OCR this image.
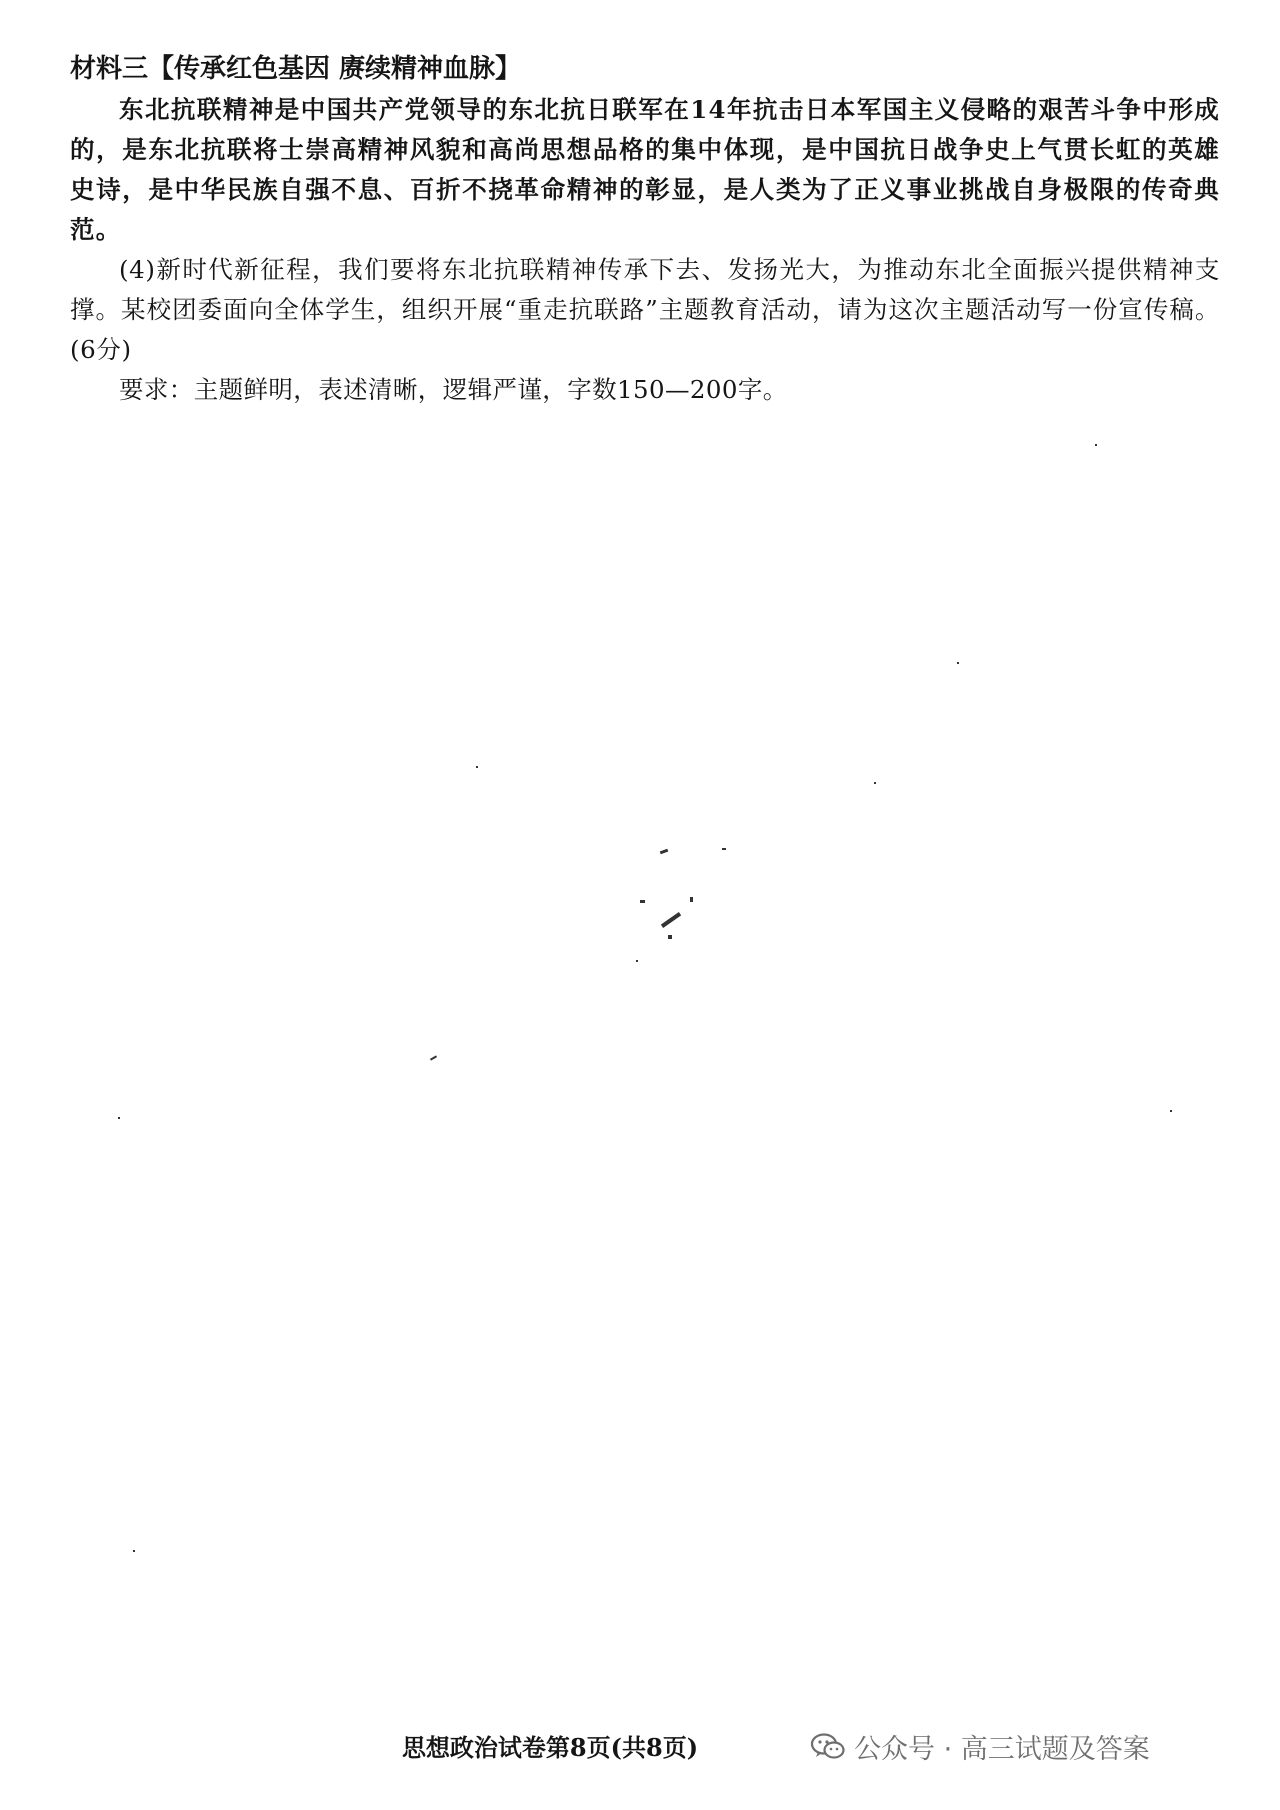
材料三【传承红色基因 赓续精神血脉】

东北抗联精神是中国共产党领导的东北抗日联军在14年抗击日本军国主义侵略的艰苦斗争中形成的，是东北抗联将士崇高精神风貌和高尚思想品格的集中体现，是中国抗日战争史上气贯长虹的英雄史诗，是中华民族自强不息、百折不挠革命精神的彰显，是人类为了正义事业挑战自身极限的传奇典范。

(4)新时代新征程，我们要将东北抗联精神传承下去、发扬光大，为推动东北全面振兴提供精神支撑。某校团委面向全体学生，组织开展“重走抗联路”主题教育活动，请为这次主题活动写一份宣传稿。(6分)

要求：主题鲜明，表述清晰，逻辑严谨，字数150—200字。

思想政治试卷第8页(共8页)	公众号 · 高三试题及答案
